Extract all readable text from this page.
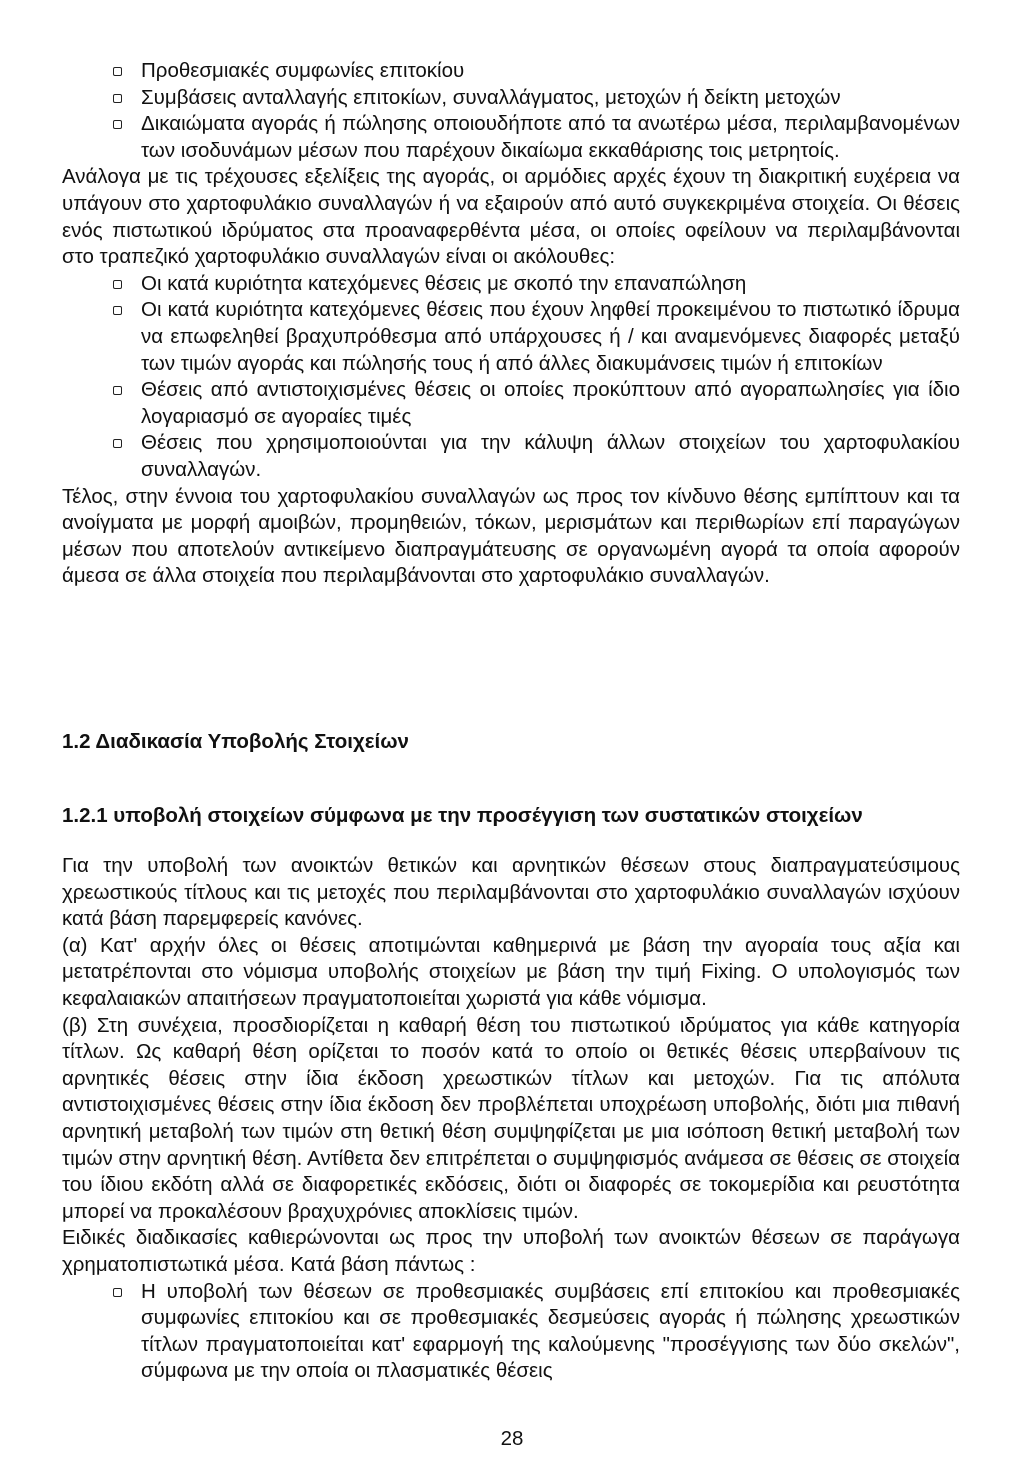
Προθεσμιακές συμφωνίες επιτοκίου
Συμβάσεις ανταλλαγής επιτοκίων, συναλλάγματος, μετοχών ή δείκτη μετοχών
Δικαιώματα αγοράς ή πώλησης οποιουδήποτε από τα ανωτέρω μέσα, περιλαμβανομένων των ισοδυνάμων μέσων που παρέχουν δικαίωμα εκκαθάρισης τοις μετρητοίς.

Ανάλογα με τις τρέχουσες εξελίξεις της αγοράς, οι αρμόδιες αρχές έχουν τη διακριτική ευχέρεια να υπάγουν στο χαρτοφυλάκιο συναλλαγών ή να εξαιρούν από αυτό συγκεκριμένα στοιχεία. Οι θέσεις ενός πιστωτικού ιδρύματος στα προαναφερθέντα μέσα, οι οποίες οφείλουν να περιλαμβάνονται στο τραπεζικό χαρτοφυλάκιο συναλλαγών είναι οι ακόλουθες:

Οι κατά κυριότητα κατεχόμενες θέσεις με σκοπό την επαναπώληση
Οι κατά κυριότητα κατεχόμενες θέσεις που έχουν ληφθεί προκειμένου το πιστωτικό ίδρυμα να επωφεληθεί βραχυπρόθεσμα από υπάρχουσες ή / και αναμενόμενες διαφορές μεταξύ των τιμών αγοράς και πώλησής τους ή από άλλες διακυμάνσεις τιμών ή επιτοκίων
Θέσεις από αντιστοιχισμένες θέσεις οι οποίες προκύπτουν από αγοραπωλησίες για ίδιο λογαριασμό σε αγοραίες τιμές
Θέσεις που χρησιμοποιούνται για την κάλυψη άλλων στοιχείων του χαρτοφυλακίου συναλλαγών.

Τέλος, στην έννοια του χαρτοφυλακίου συναλλαγών ως προς τον κίνδυνο θέσης εμπίπτουν και τα ανοίγματα με μορφή αμοιβών, προμηθειών, τόκων, μερισμάτων και περιθωρίων επί παραγώγων μέσων που αποτελούν αντικείμενο διαπραγμάτευσης σε οργανωμένη αγορά τα οποία αφορούν άμεσα σε άλλα στοιχεία που περιλαμβάνονται στο χαρτοφυλάκιο συναλλαγών.

1.2 Διαδικασία Υποβολής Στοιχείων
1.2.1 υποβολή στοιχείων σύμφωνα με την προσέγγιση των συστατικών στοιχείων

Για την υποβολή των ανοικτών θετικών και αρνητικών θέσεων στους διαπραγματεύσιμους χρεωστικούς τίτλους και τις μετοχές που περιλαμβάνονται στο χαρτοφυλάκιο συναλλαγών ισχύουν κατά βάση παρεμφερείς κανόνες.

(α) Κατ' αρχήν όλες οι θέσεις αποτιμώνται καθημερινά με βάση την αγοραία τους αξία και μετατρέπονται στο νόμισμα υποβολής στοιχείων με βάση την τιμή Fixing. Ο υπολογισμός των κεφαλαιακών απαιτήσεων πραγματοποιείται χωριστά για κάθε νόμισμα.

(β) Στη συνέχεια, προσδιορίζεται η καθαρή θέση του πιστωτικού ιδρύματος για κάθε κατηγορία τίτλων. Ως καθαρή θέση ορίζεται το ποσόν κατά το οποίο οι θετικές θέσεις υπερβαίνουν τις αρνητικές θέσεις στην ίδια έκδοση χρεωστικών τίτλων και μετοχών. Για τις απόλυτα αντιστοιχισμένες θέσεις στην ίδια έκδοση δεν προβλέπεται υποχρέωση υποβολής, διότι μια πιθανή αρνητική μεταβολή των τιμών στη θετική θέση συμψηφίζεται με μια ισόποση θετική μεταβολή των τιμών στην αρνητική θέση. Αντίθετα δεν επιτρέπεται ο συμψηφισμός ανάμεσα σε θέσεις σε στοιχεία του ίδιου εκδότη αλλά σε διαφορετικές εκδόσεις, διότι οι διαφορές σε τοκομερίδια και ρευστότητα μπορεί να προκαλέσουν βραχυχρόνιες αποκλίσεις τιμών.

Ειδικές διαδικασίες καθιερώνονται ως προς την υποβολή των ανοικτών θέσεων σε παράγωγα χρηματοπιστωτικά μέσα. Κατά βάση πάντως :

Η υποβολή των θέσεων σε προθεσμιακές συμβάσεις επί επιτοκίου και προθεσμιακές συμφωνίες επιτοκίου και σε προθεσμιακές δεσμεύσεις αγοράς ή πώλησης χρεωστικών τίτλων πραγματοποιείται κατ' εφαρμογή της καλούμενης "προσέγγισης των δύο σκελών", σύμφωνα με την οποία οι πλασματικές θέσεις

28
